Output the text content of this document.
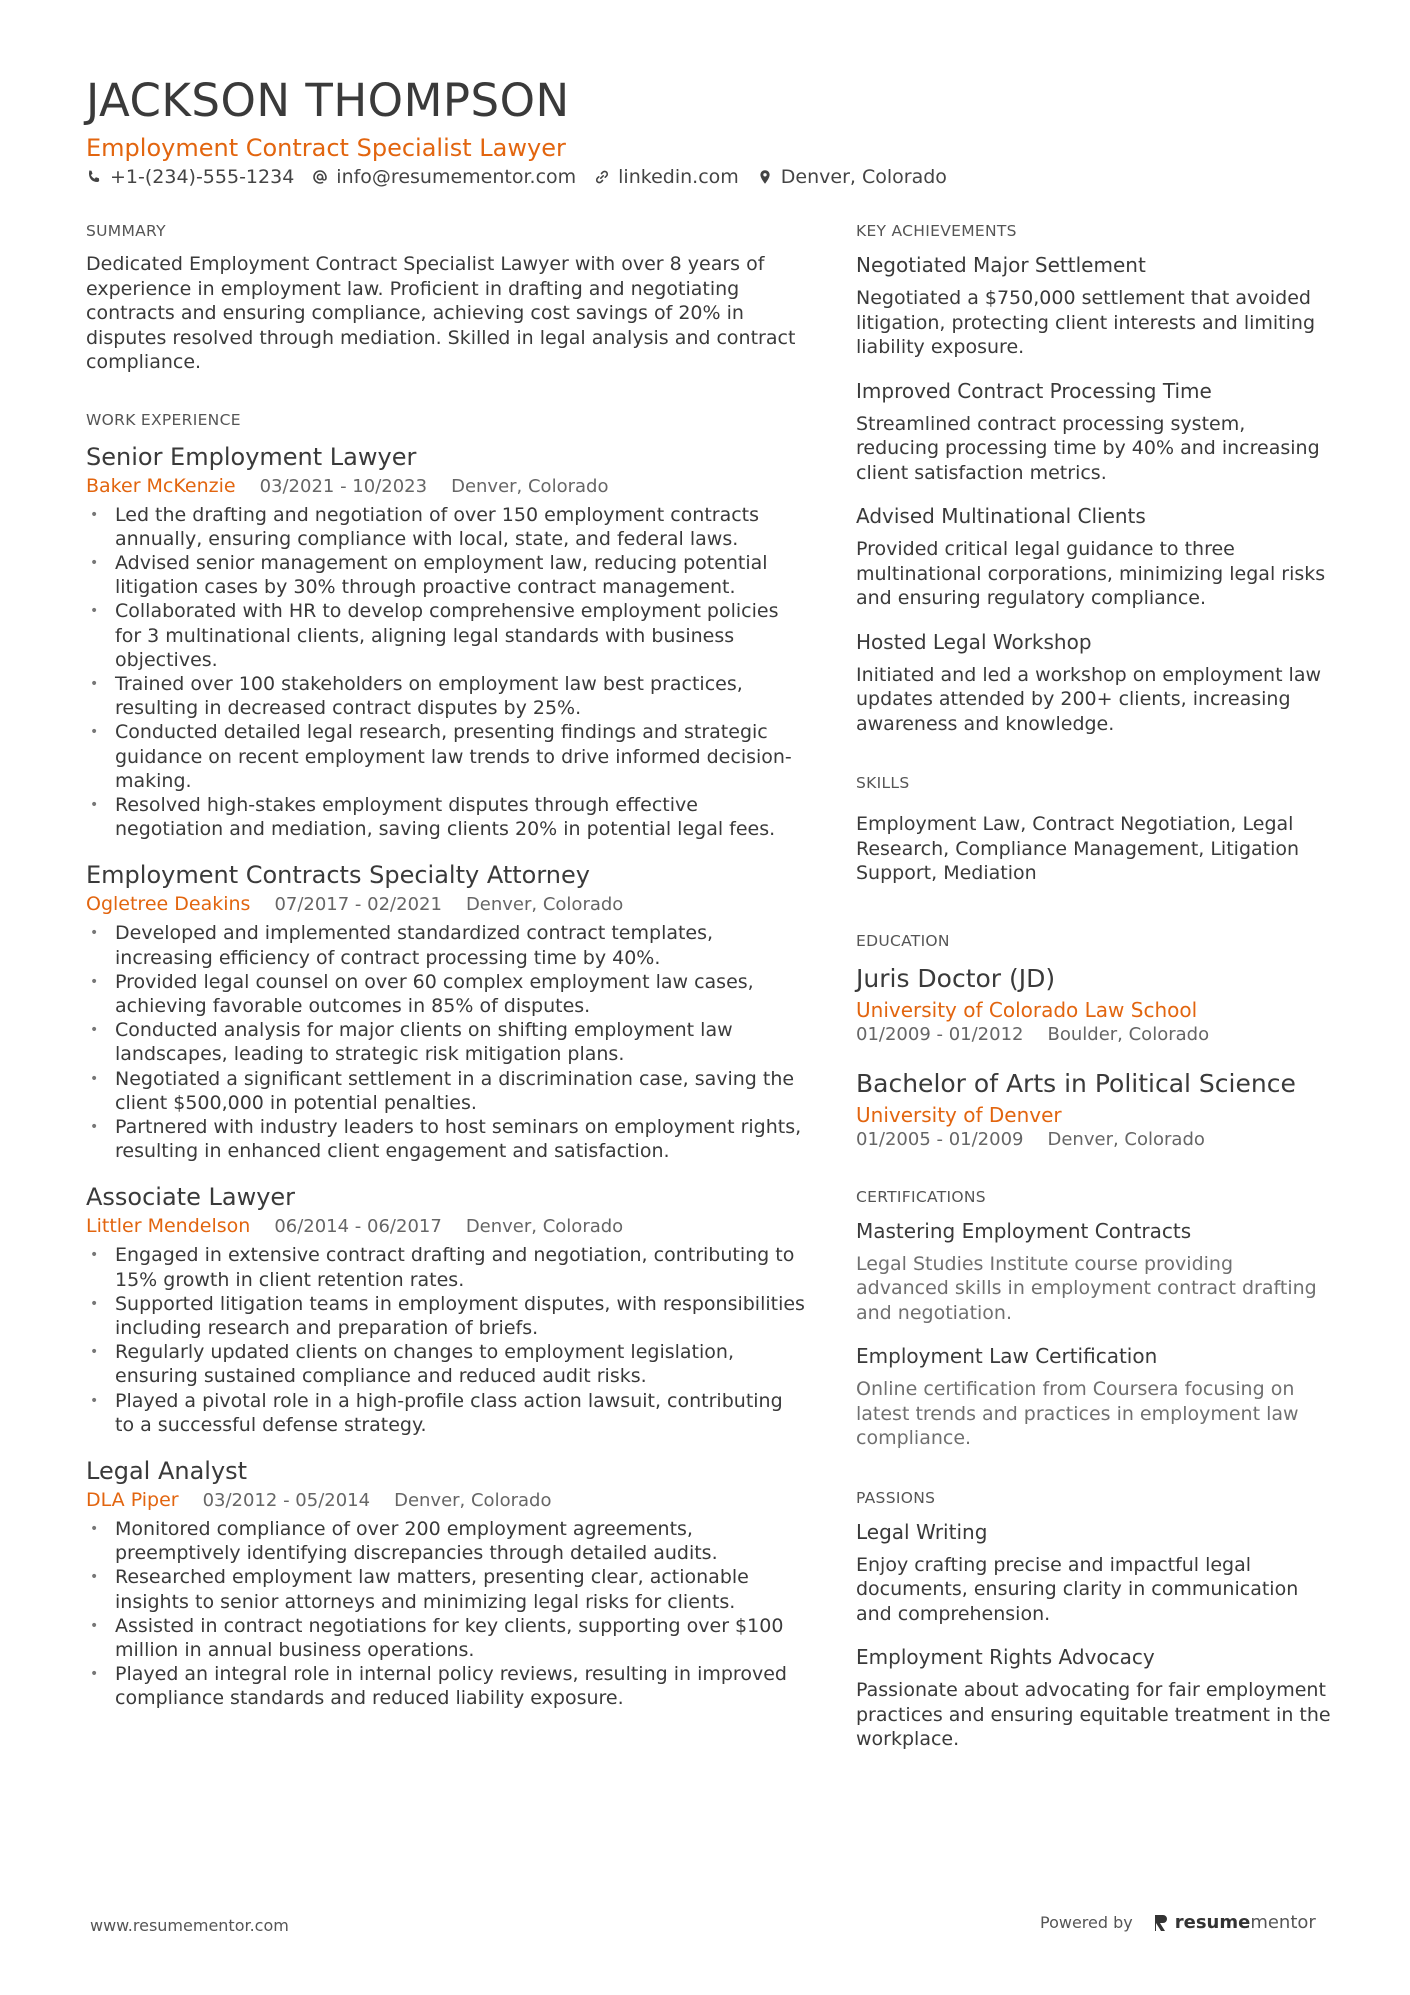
JACKSON THOMPSON
Employment Contract Specialist Lawyer
+1-(234)-555-1234 info@resumementor.com linkedin.com Denver, Colorado
SUMMARY

Dedicated Employment Contract Specialist Lawyer with over 8 years of experience in employment law. Proficient in drafting and negotiating contracts and ensuring compliance, achieving cost savings of 20% in disputes resolved through mediation. Skilled in legal analysis and contract compliance.

WORK EXPERIENCE
Senior Employment Lawyer
Baker McKenzie 03/2021 - 10/2023 Denver, Colorado
• Led the drafting and negotiation of over 150 employment contracts annually, ensuring compliance with local, state, and federal laws.
• Advised senior management on employment law, reducing potential litigation cases by 30% through proactive contract management.
• Collaborated with HR to develop comprehensive employment policies for 3 multinational clients, aligning legal standards with business objectives.
• Trained over 100 stakeholders on employment law best practices, resulting in decreased contract disputes by 25%.
• Conducted detailed legal research, presenting findings and strategic guidance on recent employment law trends to drive informed decision-making.
• Resolved high-stakes employment disputes through effective negotiation and mediation, saving clients 20% in potential legal fees.
Employment Contracts Specialty Attorney
Ogletree Deakins 07/2017 - 02/2021 Denver, Colorado
• Developed and implemented standardized contract templates, increasing efficiency of contract processing time by 40%.
• Provided legal counsel on over 60 complex employment law cases, achieving favorable outcomes in 85% of disputes.
• Conducted analysis for major clients on shifting employment law landscapes, leading to strategic risk mitigation plans.
• Negotiated a significant settlement in a discrimination case, saving the client $500,000 in potential penalties.
• Partnered with industry leaders to host seminars on employment rights, resulting in enhanced client engagement and satisfaction.
Associate Lawyer
Littler Mendelson 06/2014 - 06/2017 Denver, Colorado
• Engaged in extensive contract drafting and negotiation, contributing to 15% growth in client retention rates.
• Supported litigation teams in employment disputes, with responsibilities including research and preparation of briefs.
• Regularly updated clients on changes to employment legislation, ensuring sustained compliance and reduced audit risks.
• Played a pivotal role in a high-profile class action lawsuit, contributing to a successful defense strategy.
Legal Analyst
DLA Piper 03/2012 - 05/2014 Denver, Colorado
• Monitored compliance of over 200 employment agreements, preemptively identifying discrepancies through detailed audits.
• Researched employment law matters, presenting clear, actionable insights to senior attorneys and minimizing legal risks for clients.
• Assisted in contract negotiations for key clients, supporting over $100 million in annual business operations.
• Played an integral role in internal policy reviews, resulting in improved compliance standards and reduced liability exposure.
KEY ACHIEVEMENTS
Negotiated Major Settlement

Negotiated a $750,000 settlement that avoided litigation, protecting client interests and limiting liability exposure.

Improved Contract Processing Time

Streamlined contract processing system, reducing processing time by 40% and increasing client satisfaction metrics.

Advised Multinational Clients

Provided critical legal guidance to three multinational corporations, minimizing legal risks and ensuring regulatory compliance.

Hosted Legal Workshop

Initiated and led a workshop on employment law updates attended by 200+ clients, increasing awareness and knowledge.

SKILLS

Employment Law, Contract Negotiation, Legal Research, Compliance Management, Litigation Support, Mediation

EDUCATION
Juris Doctor (JD)
University of Colorado Law School
01/2009 - 01/2012 Boulder, Colorado
Bachelor of Arts in Political Science
University of Denver
01/2005 - 01/2009 Denver, Colorado
CERTIFICATIONS
Mastering Employment Contracts

Legal Studies Institute course providing advanced skills in employment contract drafting and negotiation.

Employment Law Certification

Online certification from Coursera focusing on latest trends and practices in employment law compliance.

PASSIONS
Legal Writing

Enjoy crafting precise and impactful legal documents, ensuring clarity in communication and comprehension.

Employment Rights Advocacy

Passionate about advocating for fair employment practices and ensuring equitable treatment in the workplace.

www.resumementor.com	Powered by resumementor
